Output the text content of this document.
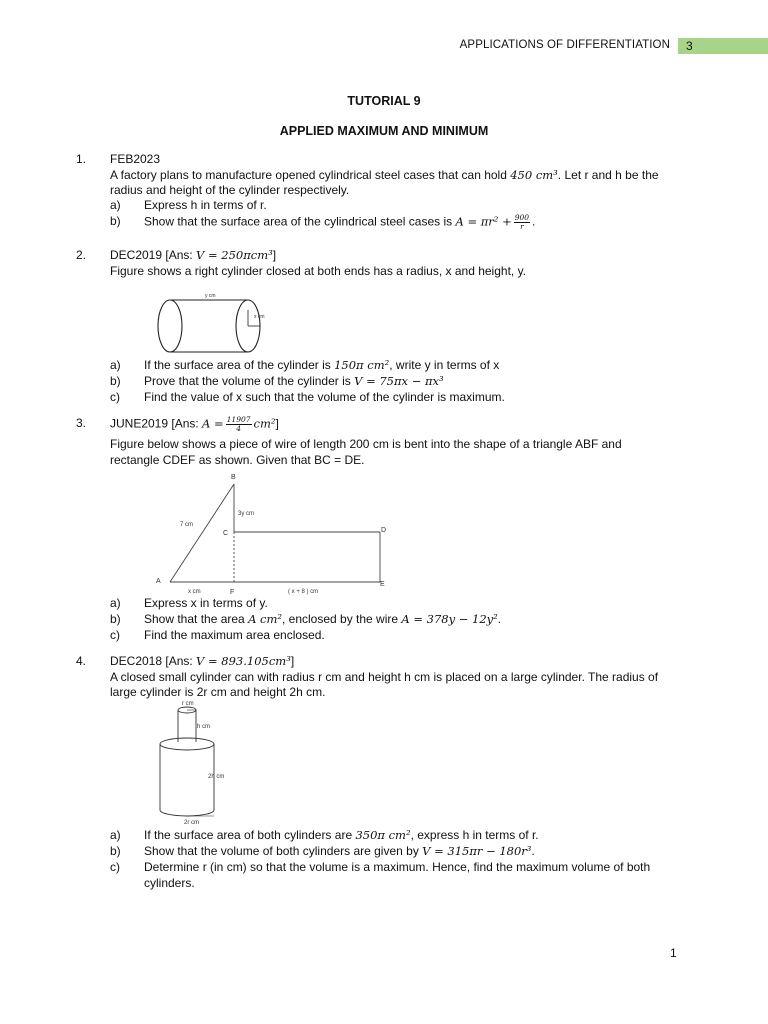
APPLICATIONS OF DIFFERENTIATION 3
TUTORIAL 9
APPLIED MAXIMUM AND MINIMUM
1. FEB2023
A factory plans to manufacture opened cylindrical steel cases that can hold 450 cm³. Let r and h be the
radius and height of the cylinder respectively.
a) Express h in terms of r.
b) Show that the surface area of the cylindrical steel cases is $A = \pi r^2 + \frac{900}{r}$ .
2. DEC2019 [Ans: V = 250πcm³]
Figure shows a right cylinder closed at both ends has a radius, x and height, y.
y cm
x cm
a) If the surface area of the cylinder is 150π cm², write y in terms of x
b) Prove that the volume of the cylinder is V = 75πx − πx³
c) Find the value of x such that the volume of the cylinder is maximum.
3. JUNE2019 [Ans: $A = \frac{11907}{4} cm^2$]
Figure below shows a piece of wire of length 200 cm is bent into the shape of a triangle ABF and
rectangle CDEF as shown. Given that BC = DE.
B
A
C	D
E
F
7 cm
3y cm
x cm	( x + 8 ) cm
a) Express x in terms of y.
b) Show that the area A cm², enclosed by the wire A = 378y − 12y².
c) Find the maximum area enclosed.
4. DEC2018 [Ans: V = 893.105cm³]
A closed small cylinder can with radius r cm and height h cm is placed on a large cylinder. The radius of
large cylinder is 2r cm and height 2h cm.
r cm
h cm
2h cm
2r cm
a) If the surface area of both cylinders are 350π cm², express h in terms of r.
b) Show that the volume of both cylinders are given by V = 315πr − 180r³.
c) Determine r (in cm) so that the volume is a maximum. Hence, find the maximum volume of both
cylinders.
1
